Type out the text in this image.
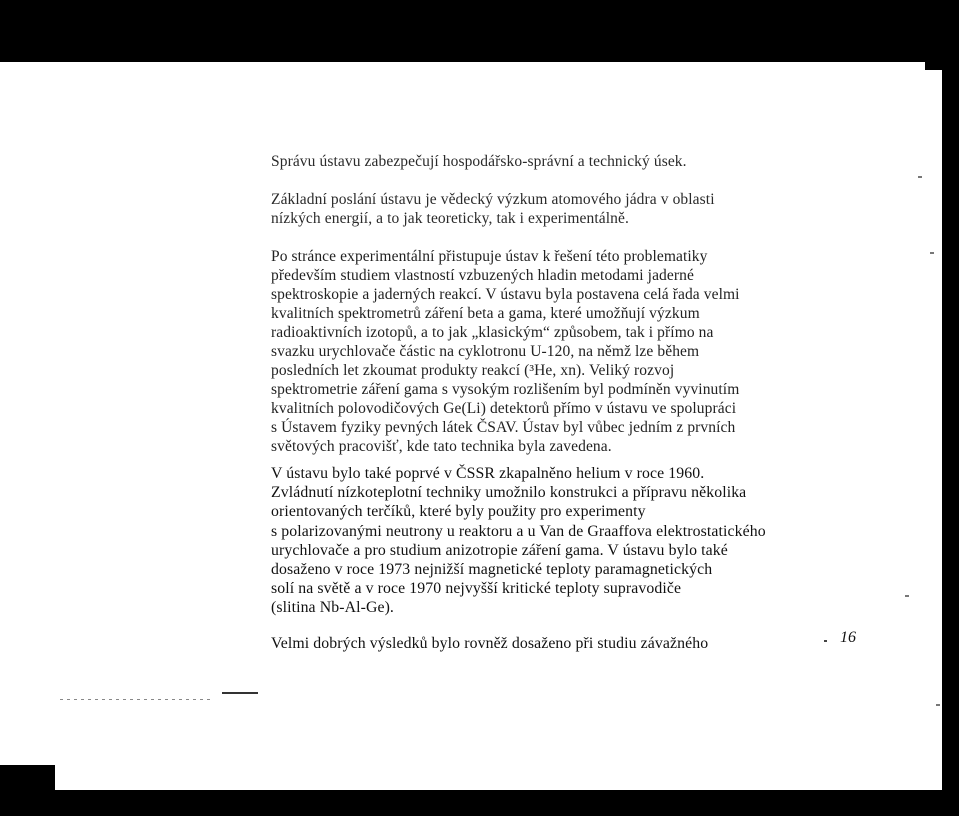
Správu ústavu zabezpečují hospodářsko-správní a technický úsek.

Základní poslání ústavu je vědecký výzkum atomového jádra v oblasti
nízkých energií, a to jak teoreticky, tak i experimentálně.

Po stránce experimentální přistupuje ústav k řešení této problematiky
především studiem vlastností vzbuzených hladin metodami jaderné
spektroskopie a jaderných reakcí. V ústavu byla postavena celá řada velmi
kvalitních spektrometrů záření beta a gama, které umožňují výzkum
radioaktivních izotopů, a to jak „klasickým“ způsobem, tak i přímo na
svazku urychlovače částic na cyklotronu U-120, na němž lze během
posledních let zkoumat produkty reakcí (³He, xn). Veliký rozvoj
spektrometrie záření gama s vysokým rozlišením byl podmíněn vyvinutím
kvalitních polovodičových Ge(Li) detektorů přímo v ústavu ve spolupráci
s Ústavem fyziky pevných látek ČSAV. Ústav byl vůbec jedním z prvních
světových pracovišť, kde tato technika byla zavedena.

V ústavu bylo také poprvé v ČSSR zkapalněno helium v roce 1960.
Zvládnutí nízkoteplotní techniky umožnilo konstrukci a přípravu několika
orientovaných terčíků, které byly použity pro experimenty
s polarizovanými neutrony u reaktoru a u Van de Graaffova elektrostatického
urychlovače a pro studium anizotropie záření gama. V ústavu bylo také
dosaženo v roce 1973 nejnižší magnetické teploty paramagnetických
solí na světě a v roce 1970 nejvyšší kritické teploty supravodiče
(slitina Nb-Al-Ge).

Velmi dobrých výsledků bylo rovněž dosaženo při studiu závažného	16
